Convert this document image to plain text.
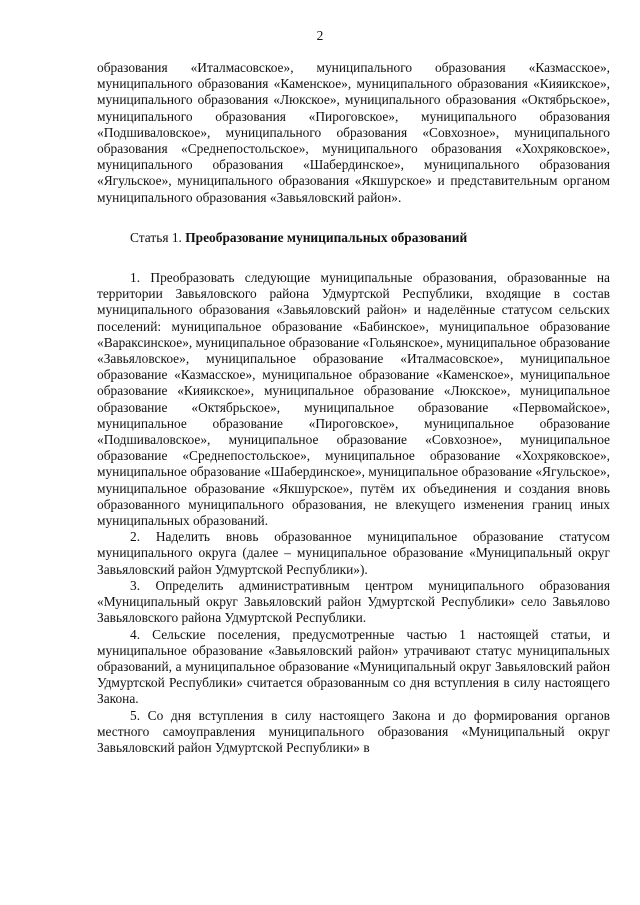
2

образования «Италмасовское», муниципального образования «Казмасское», муниципального образования «Каменское», муниципального образования «Кияикское», муниципального образования «Люкское», муниципального образования «Октябрьское», муниципального образования «Пироговское», муниципального образования «Подшиваловское», муниципального образования «Совхозное», муниципального образования «Среднепостольское», муниципального образования «Хохряковское», муниципального образования «Шабердинское», муниципального образования «Ягульское», муниципального образования «Якшурское» и представительным органом муниципального образования «Завьяловский район».

Статья 1. Преобразование муниципальных образований

1. Преобразовать следующие муниципальные образования, образованные на территории Завьяловского района Удмуртской Республики, входящие в состав муниципального образования «Завьяловский район» и наделённые статусом сельских поселений: муниципальное образование «Бабинское», муниципальное образование «Вараксинское», муниципальное образование «Гольянское», муниципальное образование «Завьяловское», муниципальное образование «Италмасовское», муниципальное образование «Казмасское», муниципальное образование «Каменское», муниципальное образование «Кияикское», муниципальное образование «Люкское», муниципальное образование «Октябрьское», муниципальное образование «Первомайское», муниципальное образование «Пироговское», муниципальное образование «Подшиваловское», муниципальное образование «Совхозное», муниципальное образование «Среднепостольское», муниципальное образование «Хохряковское», муниципальное образование «Шабердинское», муниципальное образование «Ягульское», муниципальное образование «Якшурское», путём их объединения и создания вновь образованного муниципального образования, не влекущего изменения границ иных муниципальных образований.

2. Наделить вновь образованное муниципальное образование статусом муниципального округа (далее – муниципальное образование «Муниципальный округ Завьяловский район Удмуртской Республики»).

3. Определить административным центром муниципального образования «Муниципальный округ Завьяловский район Удмуртской Республики» село Завьялово Завьяловского района Удмуртской Республики.

4. Сельские поселения, предусмотренные частью 1 настоящей статьи, и муниципальное образование «Завьяловский район» утрачивают статус муниципальных образований, а муниципальное образование «Муниципальный округ Завьяловский район Удмуртской Республики» считается образованным со дня вступления в силу настоящего Закона.

5. Со дня вступления в силу настоящего Закона и до формирования органов местного самоуправления муниципального образования «Муниципальный округ Завьяловский район Удмуртской Республики» в
